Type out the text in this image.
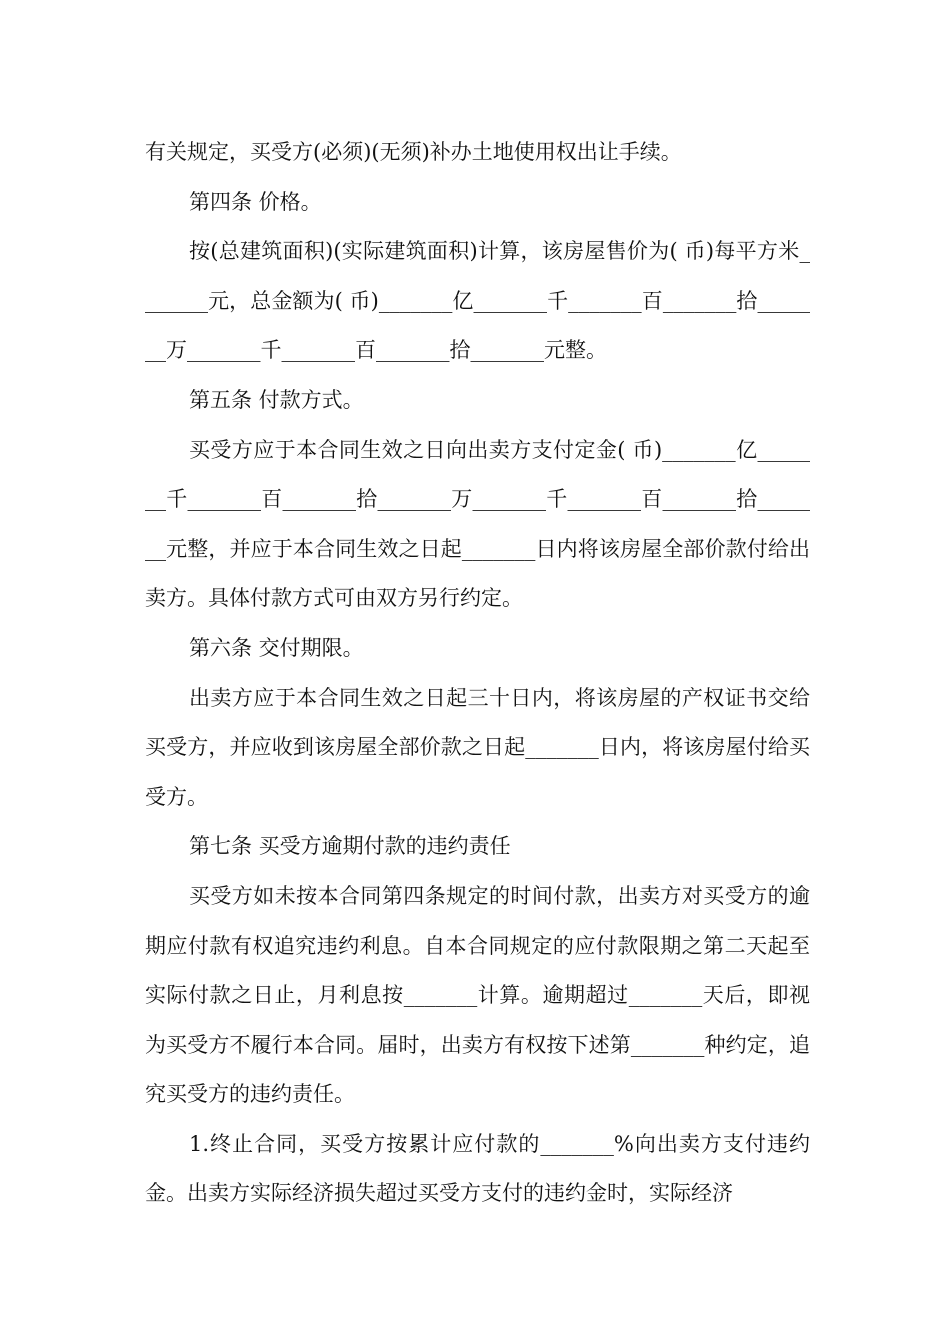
有关规定，买受方(必须)(无须)补办土地使用权出让手续。

第四条 价格。

按(总建筑面积)(实际建筑面积)计算，该房屋售价为( 币)每平方米_______元，总金额为( 币)_______亿_______千_______百_______拾_______万_______千_______百_______拾_______元整。

第五条 付款方式。

买受方应于本合同生效之日向出卖方支付定金( 币)_______亿_______千_______百_______拾_______万_______千_______百_______拾_______元整，并应于本合同生效之日起_______日内将该房屋全部价款付给出卖方。具体付款方式可由双方另行约定。

第六条 交付期限。

出卖方应于本合同生效之日起三十日内，将该房屋的产权证书交给买受方，并应收到该房屋全部价款之日起_______日内，将该房屋付给买受方。

第七条 买受方逾期付款的违约责任

买受方如未按本合同第四条规定的时间付款，出卖方对买受方的逾期应付款有权追究违约利息。自本合同规定的应付款限期之第二天起至实际付款之日止，月利息按_______计算。逾期超过_______天后，即视为买受方不履行本合同。届时，出卖方有权按下述第_______种约定，追究买受方的违约责任。

1.终止合同，买受方按累计应付款的_______%向出卖方支付违约金。出卖方实际经济损失超过买受方支付的违约金时，实际经济
